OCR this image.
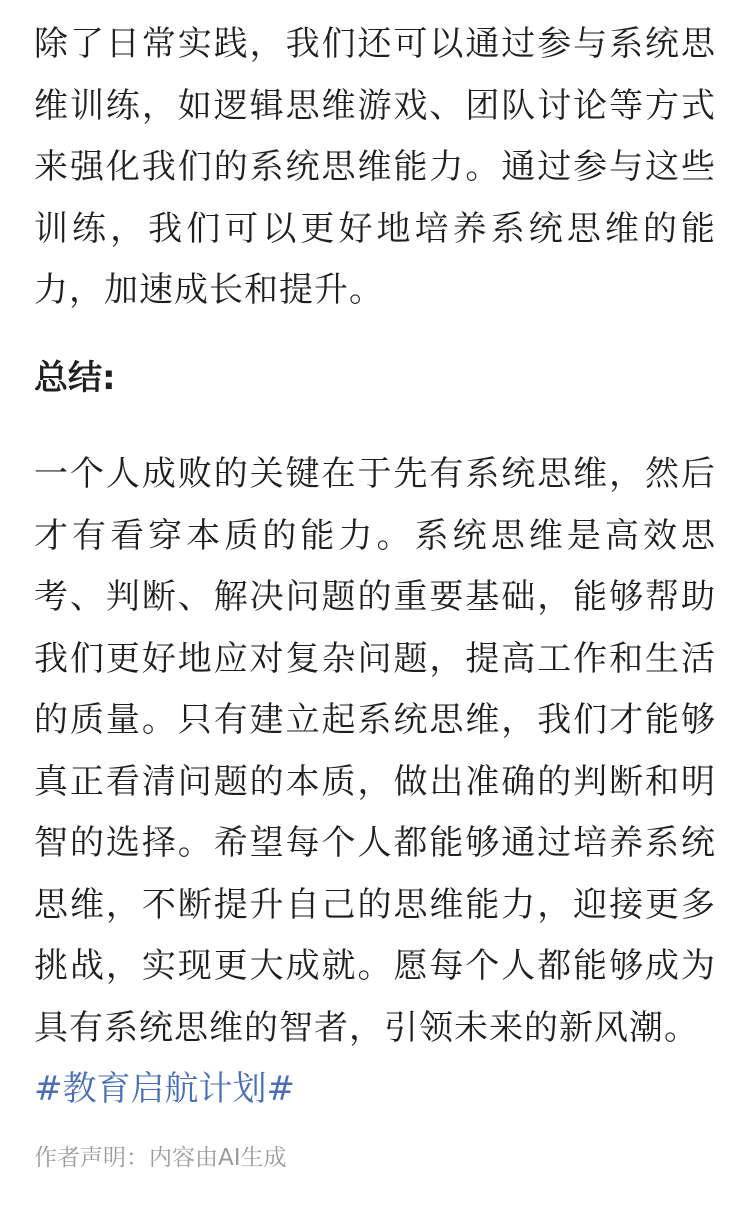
除了日常实践，我们还可以通过参与系统思维训练，如逻辑思维游戏、团队讨论等方式来强化我们的系统思维能力。通过参与这些训练，我们可以更好地培养系统思维的能力，加速成长和提升。

总结:

一个人成败的关键在于先有系统思维，然后才有看穿本质的能力。系统思维是高效思考、判断、解决问题的重要基础，能够帮助我们更好地应对复杂问题，提高工作和生活的质量。只有建立起系统思维，我们才能够真正看清问题的本质，做出准确的判断和明智的选择。希望每个人都能够通过培养系统思维，不断提升自己的思维能力，迎接更多挑战，实现更大成就。愿每个人都能够成为具有系统思维的智者，引领未来的新风潮。

#教育启航计划#

作者声明：内容由AI生成
